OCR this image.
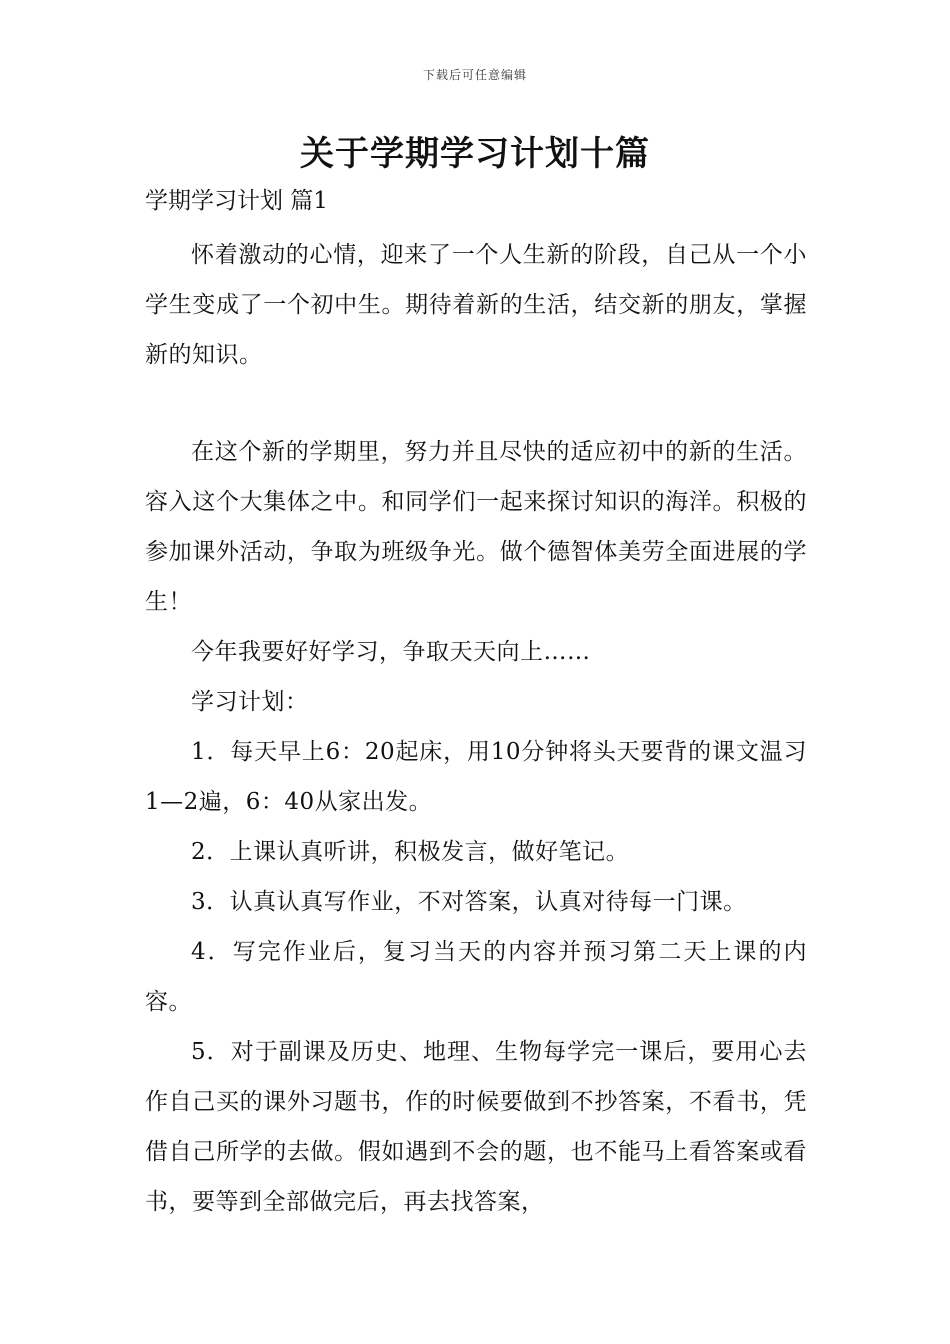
下载后可任意编辑
关于学期学习计划十篇

学期学习计划 篇1

怀着激动的心情，迎来了一个人生新的阶段，自己从一个小学生变成了一个初中生。期待着新的生活，结交新的朋友，掌握新的知识。

在这个新的学期里，努力并且尽快的适应初中的新的生活。容入这个大集体之中。和同学们一起来探讨知识的海洋。积极的参加课外活动，争取为班级争光。做个德智体美劳全面进展的学生！

今年我要好好学习，争取天天向上……

学习计划：

1．每天早上6：20起床，用10分钟将头天要背的课文温习1—2遍，6：40从家出发。

2．上课认真听讲，积极发言，做好笔记。

3．认真认真写作业，不对答案，认真对待每一门课。

4．写完作业后，复习当天的内容并预习第二天上课的内容。

5．对于副课及历史、地理、生物每学完一课后，要用心去作自己买的课外习题书，作的时候要做到不抄答案，不看书，凭借自己所学的去做。假如遇到不会的题，也不能马上看答案或看书，要等到全部做完后，再去找答案，
